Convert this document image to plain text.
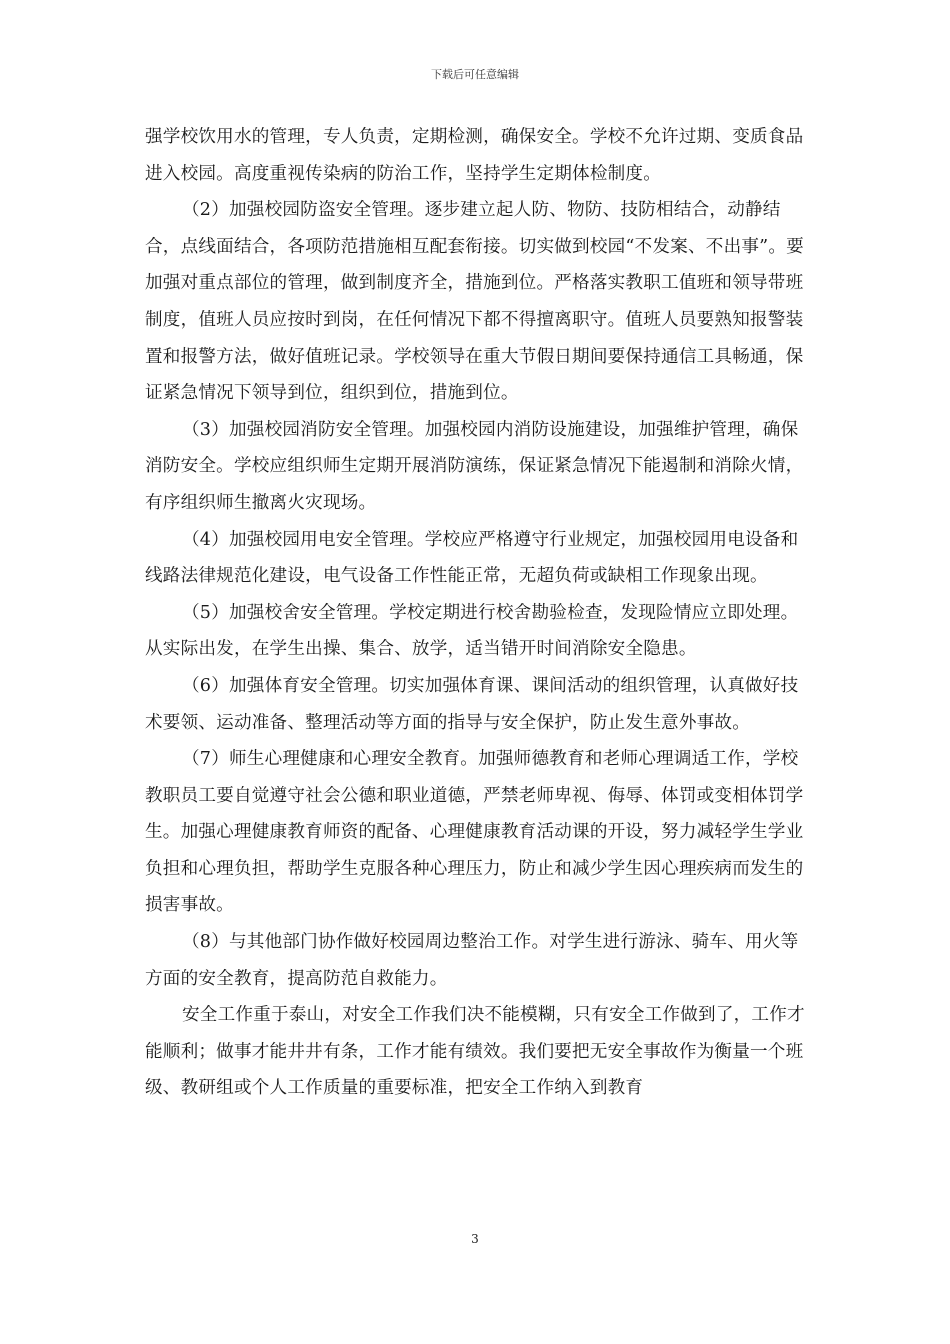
下载后可任意编辑

强学校饮用水的管理，专人负责，定期检测，确保安全。学校不允许过期、变质食品进入校园。高度重视传染病的防治工作，坚持学生定期体检制度。

（2）加强校园防盗安全管理。逐步建立起人防、物防、技防相结合，动静结合，点线面结合，各项防范措施相互配套衔接。切实做到校园“不发案、不出事”。要加强对重点部位的管理，做到制度齐全，措施到位。严格落实教职工值班和领导带班制度，值班人员应按时到岗，在任何情况下都不得擅离职守。值班人员要熟知报警装置和报警方法，做好值班记录。学校领导在重大节假日期间要保持通信工具畅通，保证紧急情况下领导到位，组织到位，措施到位。

（3）加强校园消防安全管理。加强校园内消防设施建设，加强维护管理，确保消防安全。学校应组织师生定期开展消防演练，保证紧急情况下能遏制和消除火情，有序组织师生撤离火灾现场。

（4）加强校园用电安全管理。学校应严格遵守行业规定，加强校园用电设备和线路法律规范化建设，电气设备工作性能正常，无超负荷或缺相工作现象出现。

（5）加强校舍安全管理。学校定期进行校舍勘验检查，发现险情应立即处理。从实际出发，在学生出操、集合、放学，适当错开时间消除安全隐患。

（6）加强体育安全管理。切实加强体育课、课间活动的组织管理，认真做好技术要领、运动准备、整理活动等方面的指导与安全保护，防止发生意外事故。

（7）师生心理健康和心理安全教育。加强师德教育和老师心理调适工作，学校教职员工要自觉遵守社会公德和职业道德，严禁老师卑视、侮辱、体罚或变相体罚学生。加强心理健康教育师资的配备、心理健康教育活动课的开设，努力减轻学生学业负担和心理负担，帮助学生克服各种心理压力，防止和减少学生因心理疾病而发生的损害事故。

（8）与其他部门协作做好校园周边整治工作。对学生进行游泳、骑车、用火等方面的安全教育，提高防范自救能力。

安全工作重于泰山，对安全工作我们决不能模糊，只有安全工作做到了，工作才能顺利；做事才能井井有条，工作才能有绩效。我们要把无安全事故作为衡量一个班级、教研组或个人工作质量的重要标准，把安全工作纳入到教育

3
